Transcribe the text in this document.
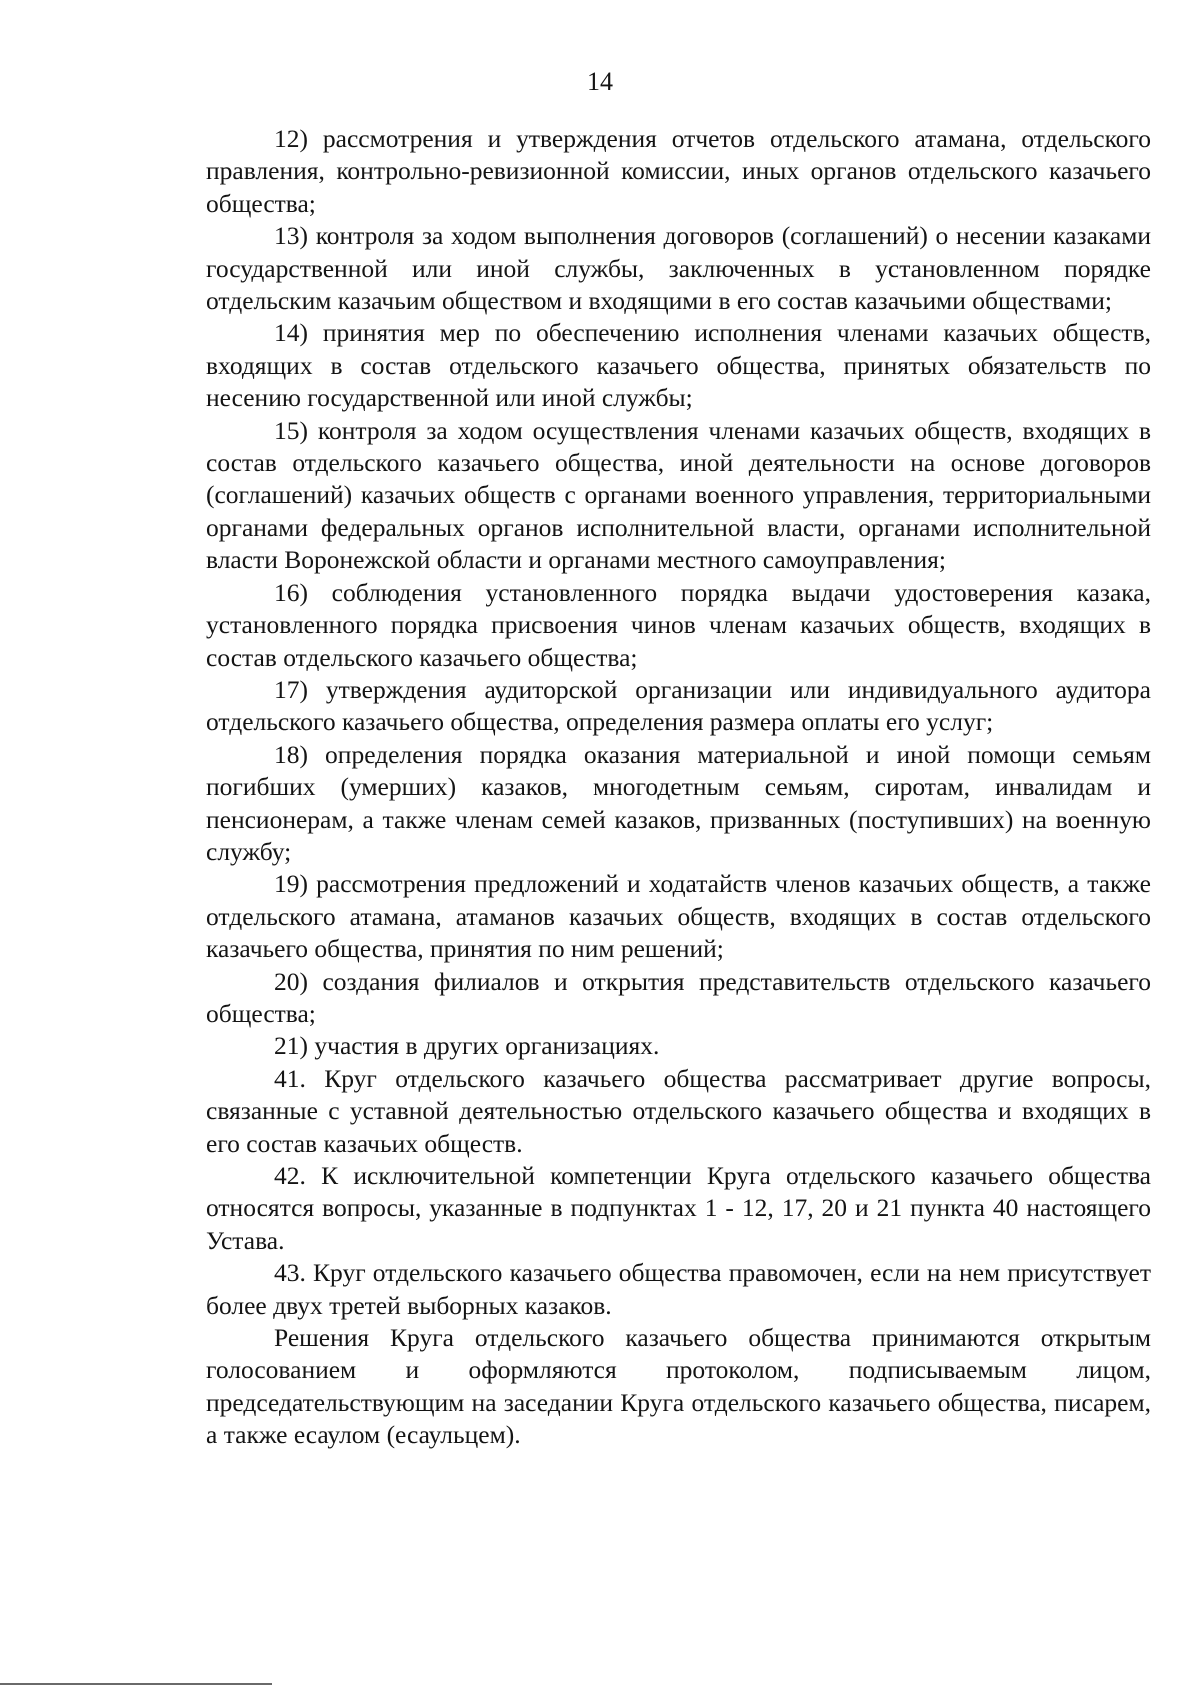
14

12) рассмотрения и утверждения отчетов отдельского атамана, отдельского правления, контрольно-ревизионной комиссии, иных органов отдельского казачьего общества;

13) контроля за ходом выполнения договоров (соглашений) о несении казаками государственной или иной службы, заключенных в установленном порядке отдельским казачьим обществом и входящими в его состав казачьими обществами;

14) принятия мер по обеспечению исполнения членами казачьих обществ, входящих в состав отдельского казачьего общества, принятых обязательств по несению государственной или иной службы;

15) контроля за ходом осуществления членами казачьих обществ, входящих в состав отдельского казачьего общества, иной деятельности на основе договоров (соглашений) казачьих обществ с органами военного управления, территориальными органами федеральных органов исполнительной власти, органами исполнительной власти Воронежской области и органами местного самоуправления;

16) соблюдения установленного порядка выдачи удостоверения казака, установленного порядка присвоения чинов членам казачьих обществ, входящих в состав отдельского казачьего общества;

17) утверждения аудиторской организации или индивидуального аудитора отдельского казачьего общества, определения размера оплаты его услуг;

18) определения порядка оказания материальной и иной помощи семьям погибших (умерших) казаков, многодетным семьям, сиротам, инвалидам и пенсионерам, а также членам семей казаков, призванных (поступивших) на военную службу;

19) рассмотрения предложений и ходатайств членов казачьих обществ, а также отдельского атамана, атаманов казачьих обществ, входящих в состав отдельского казачьего общества, принятия по ним решений;

20) создания филиалов и открытия представительств отдельского казачьего общества;

21) участия в других организациях.

41. Круг отдельского казачьего общества рассматривает другие вопросы, связанные с уставной деятельностью отдельского казачьего общества и входящих в его состав казачьих обществ.

42. К исключительной компетенции Круга отдельского казачьего общества относятся вопросы, указанные в подпунктах 1 - 12, 17, 20 и 21 пункта 40 настоящего Устава.

43. Круг отдельского казачьего общества правомочен, если на нем присутствует более двух третей выборных казаков.

Решения Круга отдельского казачьего общества принимаются открытым голосованием и оформляются протоколом, подписываемым лицом, председательствующим на заседании Круга отдельского казачьего общества, писарем, а также есаулом (есаульцем).
